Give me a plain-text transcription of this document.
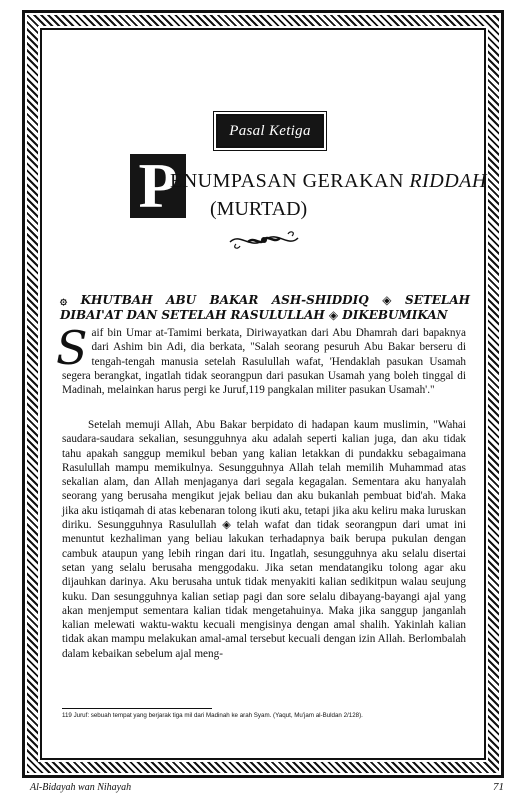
Pasal Ketiga
P
ENUMPASAN GERAKAN RIDDAH
(MURTAD)
۞ KHUTBAH ABU BAKAR ASH-SHIDDIQ ◈ SETELAH DIBAI'AT DAN SETELAH RASULULLAH ◈ DIKEBUMIKAN
Saif bin Umar at-Tamimi berkata, Diriwayatkan dari Abu Dhamrah dari bapaknya dari Ashim bin Adi, dia berkata, "Salah seorang pesuruh Abu Bakar berseru di tengah-tengah manusia setelah Rasulullah wafat, 'Hendaklah pasukan Usamah segera berangkat, ingatlah tidak seorangpun dari pasukan Usamah yang boleh tinggal di Madinah, melainkan harus pergi ke Juruf,119 pangkalan militer pasukan Usamah'."
Setelah memuji Allah, Abu Bakar berpidato di hadapan kaum muslimin, "Wahai saudara-saudara sekalian, sesungguhnya aku adalah seperti kalian juga, dan aku tidak tahu apakah sanggup memikul beban yang kalian letakkan di pundakku sebagaimana Rasulullah mampu memikulnya. Sesungguhnya Allah telah memilih Muhammad atas sekalian alam, dan Allah menjaganya dari segala kegagalan. Sementara aku hanyalah seorang yang berusaha mengikut jejak beliau dan aku bukanlah pembuat bid'ah. Maka jika aku istiqamah di atas kebenaran tolong ikuti aku, tetapi jika aku keliru maka luruskan diriku. Sesungguhnya Rasulullah ◈ telah wafat dan tidak seorangpun dari umat ini menuntut kezhaliman yang beliau lakukan terhadapnya baik berupa pukulan dengan cambuk ataupun yang lebih ringan dari itu. Ingatlah, sesungguhnya aku selalu disertai setan yang selalu berusaha menggodaku. Jika setan mendatangiku tolong agar aku dijauhkan darinya. Aku berusaha untuk tidak menyakiti kalian sedikitpun walau seujung kuku. Dan sesungguhnya kalian setiap pagi dan sore selalu dibayang-bayangi ajal yang akan menjemput sementara kalian tidak mengetahuinya. Maka jika sanggup janganlah kalian melewati waktu-waktu kecuali mengisinya dengan amal shalih. Yakinlah kalian tidak akan mampu melakukan amal-amal tersebut kecuali dengan izin Allah. Berlombalah dalam kebaikan sebelum ajal meng-
119 Juruf: sebuah tempat yang berjarak tiga mil dari Madinah ke arah Syam. (Yaqut, Mu'jam al-Buldan 2/128).
Al-Bidayah wan Nihayah	71
